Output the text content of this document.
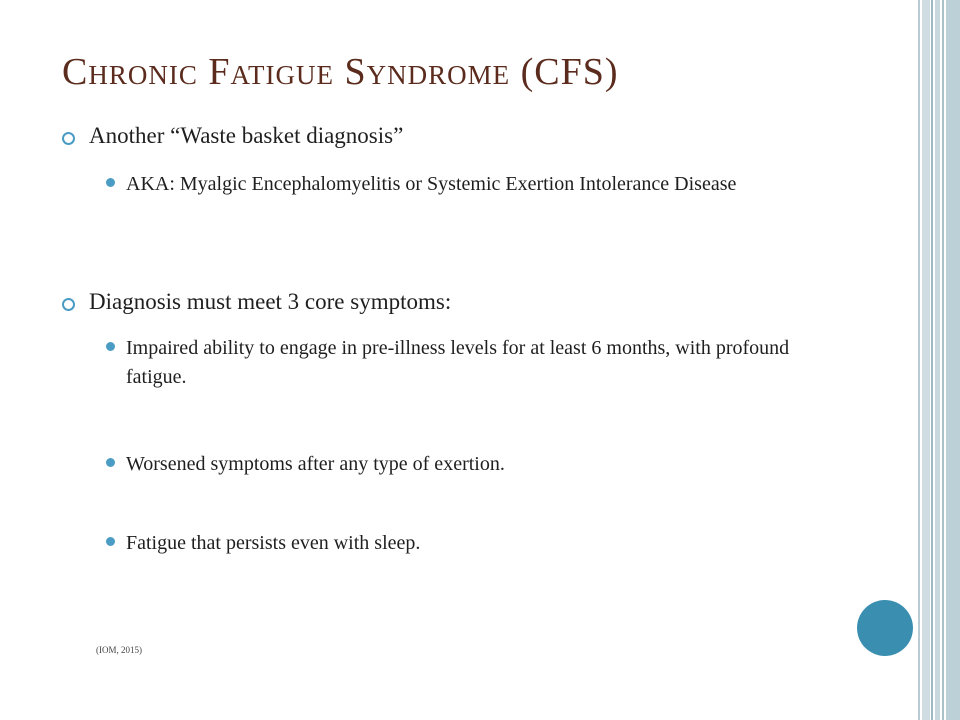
Chronic Fatigue Syndrome (CFS)
Another “Waste basket diagnosis”
AKA: Myalgic Encephalomyelitis or Systemic Exertion Intolerance Disease
Diagnosis must meet 3 core symptoms:
Impaired ability to engage in pre-illness levels for at least 6 months, with profound fatigue.
Worsened symptoms after any type of exertion.
Fatigue that persists even with sleep.
(IOM, 2015)
